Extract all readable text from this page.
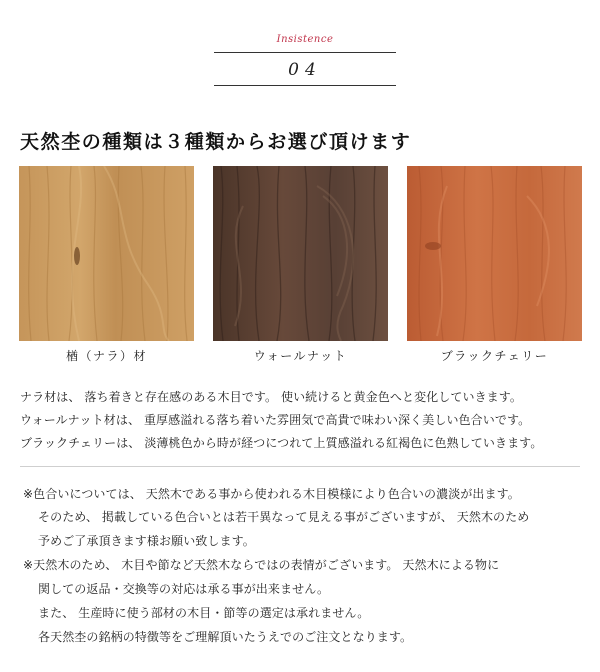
Insistence
04
天然杢の種類は３種類からお選び頂けます
楢（ナラ）材	ウォールナット	ブラックチェリー
ナラ材は、 落ち着きと存在感のある木目です。 使い続けると黄金色へと変化していきます。
ウォールナット材は、 重厚感溢れる落ち着いた雰囲気で高貴で味わい深く美しい色合いです。
ブラックチェリーは、 淡薄桃色から時が経つにつれて上質感溢れる紅褐色に色熟していきます。
※色合いについては、 天然木である事から使われる木目模様により色合いの濃淡が出ます。
そのため、 掲載している色合いとは若干異なって見える事がございますが、 天然木のため
予めご了承頂きます様お願い致します。
※天然木のため、 木目や節など天然木ならではの表情がございます。 天然木による物に
関しての返品・交換等の対応は承る事が出来ません。
また、 生産時に使う部材の木目・節等の選定は承れません。
各天然杢の銘柄の特徴等をご理解頂いたうえでのご注文となります。
